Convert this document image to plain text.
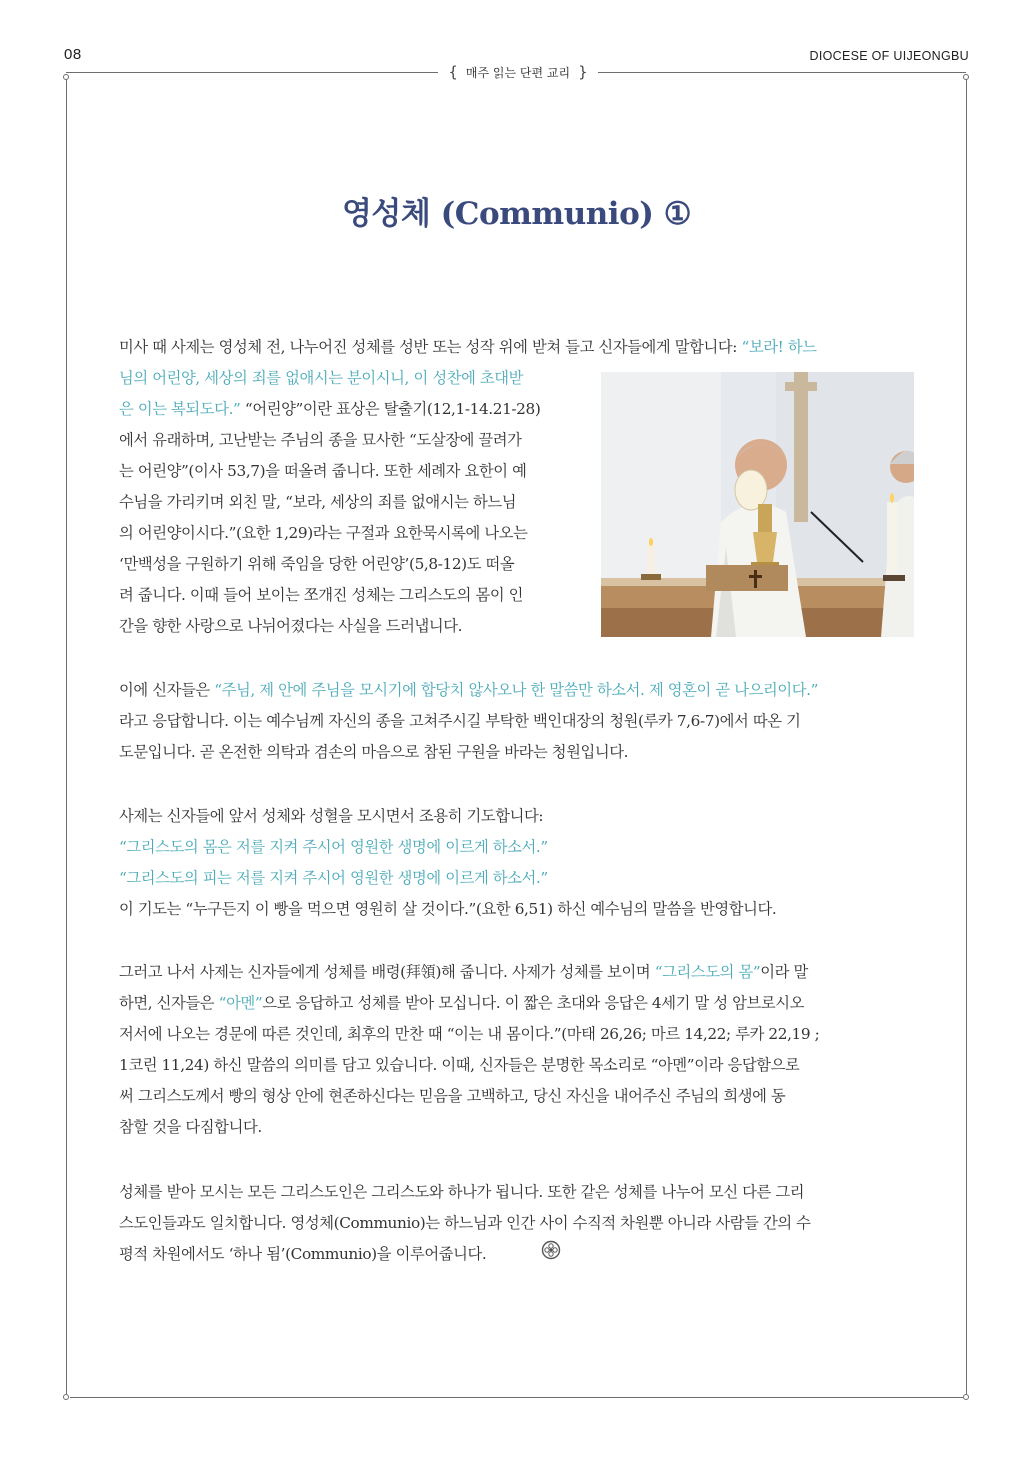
08	DIOCESE OF UIJEONGBU
{ 매주 읽는 단편 교리 }
영성체 (Communio) ①
미사 때 사제는 영성체 전, 나누어진 성체를 성반 또는 성작 위에 받쳐 들고 신자들에게 말합니다: “보라! 하느
님의 어린양, 세상의 죄를 없애시는 분이시니, 이 성찬에 초대받
은 이는 복되도다.” “어린양”이란 표상은 탈출기(12,1-14.21-28)
에서 유래하며, 고난받는 주님의 종을 묘사한 “도살장에 끌려가
는 어린양”(이사 53,7)을 떠올려 줍니다. 또한 세례자 요한이 예
수님을 가리키며 외친 말, “보라, 세상의 죄를 없애시는 하느님
의 어린양이시다.”(요한 1,29)라는 구절과 요한묵시록에 나오는
‘만백성을 구원하기 위해 죽임을 당한 어린양’(5,8-12)도 떠올
려 줍니다. 이때 들어 보이는 쪼개진 성체는 그리스도의 몸이 인
간을 향한 사랑으로 나뉘어졌다는 사실을 드러냅니다.
이에 신자들은 “주님, 제 안에 주님을 모시기에 합당치 않사오나 한 말씀만 하소서. 제 영혼이 곧 나으리이다.”
라고 응답합니다. 이는 예수님께 자신의 종을 고쳐주시길 부탁한 백인대장의 청원(루카 7,6-7)에서 따온 기
도문입니다. 곧 온전한 의탁과 겸손의 마음으로 참된 구원을 바라는 청원입니다.
사제는 신자들에 앞서 성체와 성혈을 모시면서 조용히 기도합니다:
“그리스도의 몸은 저를 지켜 주시어 영원한 생명에 이르게 하소서.”
“그리스도의 피는 저를 지켜 주시어 영원한 생명에 이르게 하소서.”
이 기도는 “누구든지 이 빵을 먹으면 영원히 살 것이다.”(요한 6,51) 하신 예수님의 말씀을 반영합니다.
그러고 나서 사제는 신자들에게 성체를 배령(拜領)해 줍니다. 사제가 성체를 보이며 “그리스도의 몸”이라 말
하면, 신자들은 “아멘”으로 응답하고 성체를 받아 모십니다. 이 짧은 초대와 응답은 4세기 말 성 암브로시오
저서에 나오는 경문에 따른 것인데, 최후의 만찬 때 “이는 내 몸이다.”(마태 26,26; 마르 14,22; 루카 22,19 ;
1코린 11,24) 하신 말씀의 의미를 담고 있습니다. 이때, 신자들은 분명한 목소리로 “아멘”이라 응답함으로
써 그리스도께서 빵의 형상 안에 현존하신다는 믿음을 고백하고, 당신 자신을 내어주신 주님의 희생에 동
참할 것을 다짐합니다.
성체를 받아 모시는 모든 그리스도인은 그리스도와 하나가 됩니다. 또한 같은 성체를 나누어 모신 다른 그리
스도인들과도 일치합니다. 영성체(Communio)는 하느님과 인간 사이 수직적 차원뿐 아니라 사람들 간의 수
평적 차원에서도 ‘하나 됨’(Communio)을 이루어줍니다.
